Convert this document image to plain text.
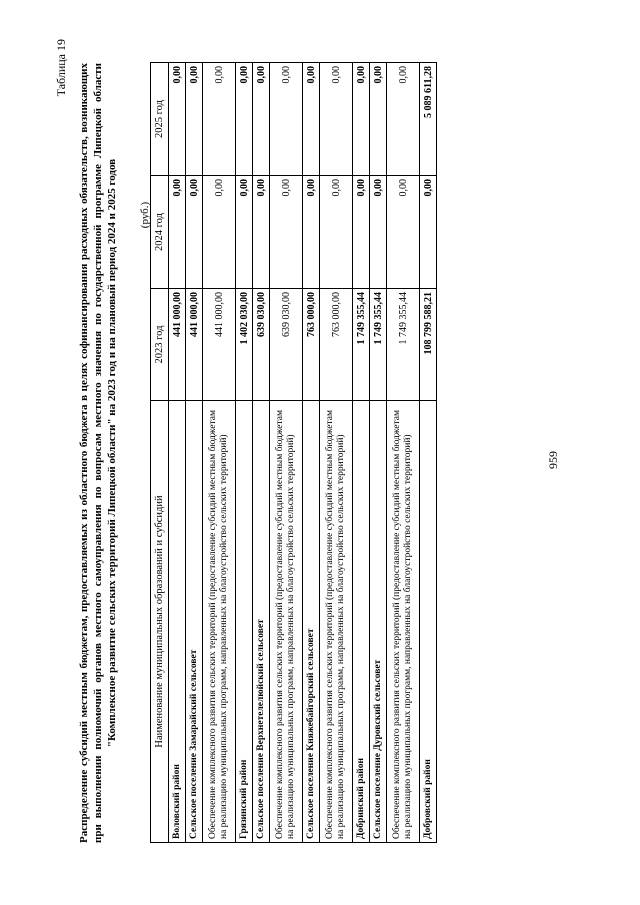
959
Таблица 19 Распределение субсидий местным бюджетам, предоставляемых из областного бюджета в целях софинансирования расходных обязательств, возникающих при выполнении полномочий органов местного самоуправления по вопросам местного значения по государственной программе Липецкой области "Комплексное развитие сельских территорий Липецкой области" на 2023 год и на плановый период 2024 и 2025 годов (руб.)
Наименование муниципальных образований и субсидий	2023 год	2024 год	2025 год
Воловский район	441 000,00	0,00	0,00
Сельское поселение Замарайский сельсовет	441 000,00	0,00	0,00
Обеспечение комплексного развития сельских территорий (предоставление субсидий местным бюджетам на реализацию муниципальных программ, направленных на благоустройство сельских территорий)	441 000,00	0,00	0,00
Грязинский район	1 402 030,00	0,00	0,00
Сельское поселение Верхнетелелюйский сельсовет	639 030,00	0,00	0,00
Обеспечение комплексного развития сельских территорий (предоставление субсидий местным бюджетам на реализацию муниципальных программ, направленных на благоустройство сельских территорий)	639 030,00	0,00	0,00
Сельское поселение Княжебайгорский сельсовет	763 000,00	0,00	0,00
Обеспечение комплексного развития сельских территорий (предоставление субсидий местным бюджетам на реализацию муниципальных программ, направленных на благоустройство сельских территорий)	763 000,00	0,00	0,00
Добринский район	1 749 355,44	0,00	0,00
Сельское поселение Дуровский сельсовет	1 749 355,44	0,00	0,00
Обеспечение комплексного развития сельских территорий (предоставление субсидий местным бюджетам на реализацию муниципальных программ, направленных на благоустройство сельских территорий)	1 749 355,44	0,00	0,00
Добровский район	108 799 588,21	0,00	5 089 611,28
